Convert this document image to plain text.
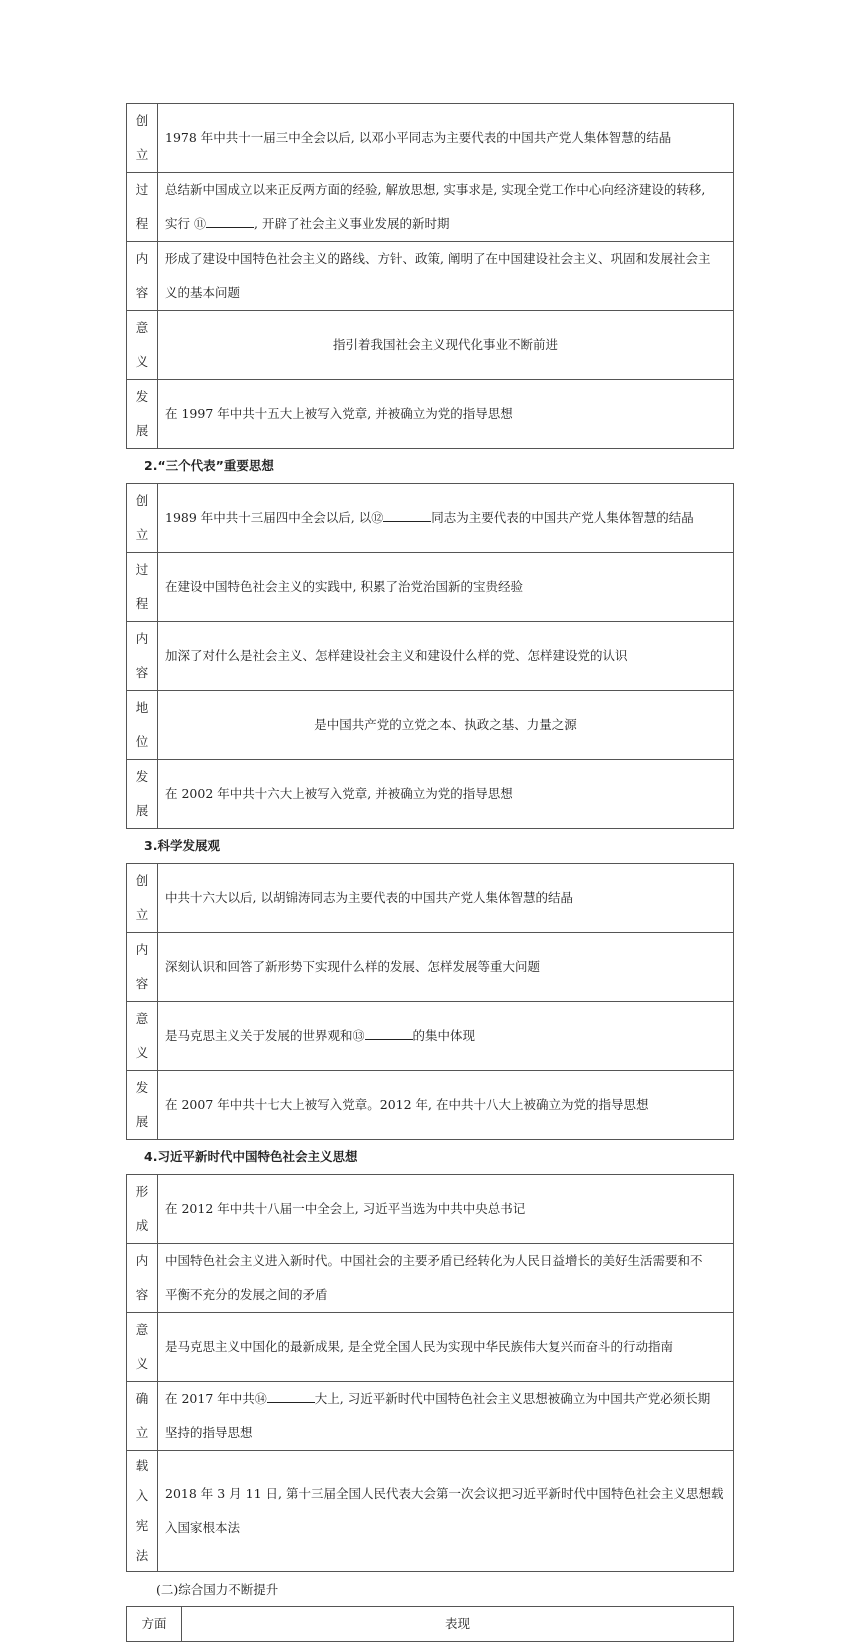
创立	1978 年中共十一届三中全会以后, 以邓小平同志为主要代表的中国共产党人集体智慧的结晶
过程	总结新中国成立以来正反两方面的经验, 解放思想, 实事求是, 实现全党工作中心向经济建设的转移,
实行 ⑪ , 开辟了社会主义事业发展的新时期

内容	形成了建设中国特色社会主义的路线、方针、政策, 阐明了在中国建设社会主义、巩固和发展社会主
义的基本问题

意义	指引着我国社会主义现代化事业不断前进
发展	在 1997 年中共十五大上被写入党章, 并被确立为党的指导思想
2.“三个代表”重要思想
创立	1989 年中共十三届四中全会以后, 以⑫ 同志为主要代表的中国共产党人集体智慧的结晶
过程	在建设中国特色社会主义的实践中, 积累了治党治国新的宝贵经验
内容	加深了对什么是社会主义、怎样建设社会主义和建设什么样的党、怎样建设党的认识
地位	是中国共产党的立党之本、执政之基、力量之源
发展	在 2002 年中共十六大上被写入党章, 并被确立为党的指导思想
3.科学发展观
创立	中共十六大以后, 以胡锦涛同志为主要代表的中国共产党人集体智慧的结晶
内容	深刻认识和回答了新形势下实现什么样的发展、怎样发展等重大问题
意义	是马克思主义关于发展的世界观和⑬ 的集中体现
发展	在 2007 年中共十七大上被写入党章。2012 年, 在中共十八大上被确立为党的指导思想
4.习近平新时代中国特色社会主义思想
形成	在 2012 年中共十八届一中全会上, 习近平当选为中共中央总书记
内容	中国特色社会主义进入新时代。中国社会的主要矛盾已经转化为人民日益增长的美好生活需要和不
平衡不充分的发展之间的矛盾

意义	是马克思主义中国化的最新成果, 是全党全国人民为实现中华民族伟大复兴而奋斗的行动指南
确立	在 2017 年中共⑭ 大上, 习近平新时代中国特色社会主义思想被确立为中国共产党必须长期
坚持的指导思想

载入
宪法	2018 年 3 月 11 日, 第十三届全国人民代表大会第一次会议把习近平新时代中国特色社会主义思想载
入国家根本法
(二)综合国力不断提升
方面	表现
